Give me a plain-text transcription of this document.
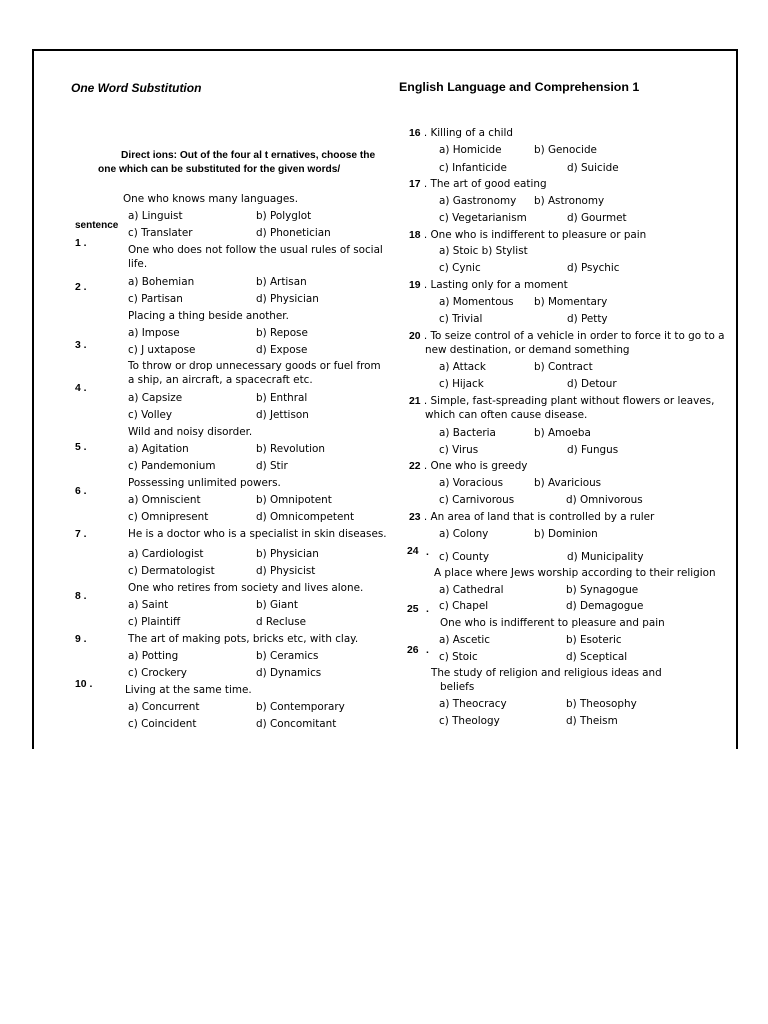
One Word Substitution	English Language and Comprehension 1
Direct ions: Out of the four al t ernatives, choose the
one which can be substituted for the given words/
sentence
1 .
One who knows many languages.
a) Linguist	b) Polyglot
c) Translater	d) Phonetician
2 .
One who does not follow the usual rules of social
life.
a) Bohemian	b) Artisan
c) Partisan	d) Physician
3 .
Placing a thing beside another.
a) Impose	b) Repose
c) J uxtapose	d) Expose
4 .
To throw or drop unnecessary goods or fuel from
a ship, an aircraft, a spacecraft etc.
a) Capsize	b) Enthral
c) Volley	d) Jettison
5 .
Wild and noisy disorder.
a) Agitation	b) Revolution
c) Pandemonium	d) Stir
6 .
Possessing unlimited powers.
a) Omniscient	b) Omnipotent
c) Omnipresent	d) Omnicompetent
7 .	He is a doctor who is a specialist in skin diseases.
a) Cardiologist	b) Physician
c) Dermatologist	d) Physicist
8 .
One who retires from society and lives alone.
a) Saint	b) Giant
c) Plaintiff	d Recluse
9 .	The art of making pots, bricks etc, with clay.
a) Potting	b) Ceramics
c) Crockery	d) Dynamics
10 .	Living at the same time.
a) Concurrent	b) Contemporary
c) Coincident	d) Concomitant
16 . Killing of a child
a) Homicide	b) Genocide
c) Infanticide	d) Suicide
17 . The art of good eating
a) Gastronomy b) Astronomy
c) Vegetarianism	d) Gourmet
18 . One who is indifferent to pleasure or pain
a) Stoic b) Stylist
c) Cynic	d) Psychic
19 . Lasting only for a moment
a) Momentous b) Momentary
c) Trivial	d) Petty
20 . To seize control of a vehicle in order to force it to go to a
new destination, or demand something
a) Attack	b) Contract
c) Hijack	d) Detour
21 . Simple, fast-spreading plant without flowers or leaves,
which can often cause disease.
a) Bacteria	b) Amoeba
c) Virus	d) Fungus
22 . One who is greedy
a) Voracious	b) Avaricious
c) Carnivorous	d) Omnivorous
23 . An area of land that is controlled by a ruler
a) Colony	b) Dominion
24 . c) County	d) Municipality
A place where Jews worship according to their religion
a) Cathedral	b) Synagogue
25 . c) Chapel	d) Demagogue
One who is indifferent to pleasure and pain
a) Ascetic	b) Esoteric
26 .
c) Stoic	d) Sceptical
The study of religion and religious ideas and
beliefs
a) Theocracy	b) Theosophy
c) Theology	d) Theism
